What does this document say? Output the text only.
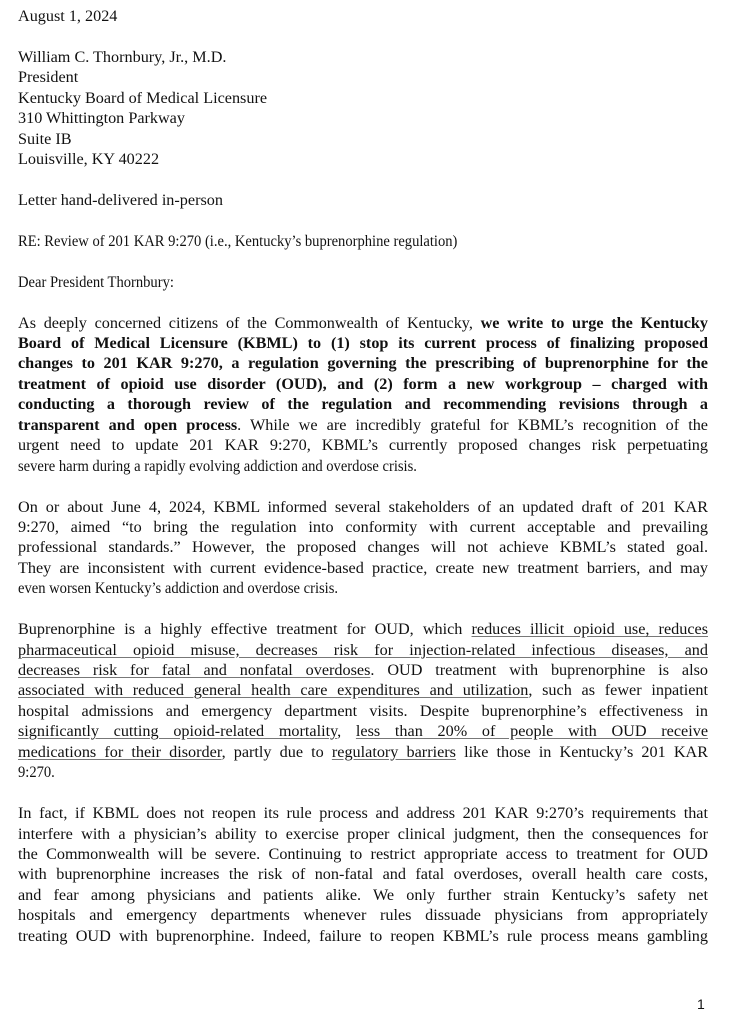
August 1, 2024
William C. Thornbury, Jr., M.D.
President
Kentucky Board of Medical Licensure
310 Whittington Parkway
Suite IB
Louisville, KY 40222
Letter hand-delivered in-person
RE: Review of 201 KAR 9:270 (i.e., Kentucky’s buprenorphine regulation)
Dear President Thornbury:
As deeply concerned citizens of the Commonwealth of Kentucky, we write to urge the Kentucky
Board of Medical Licensure (KBML) to (1) stop its current process of finalizing proposed
changes to 201 KAR 9:270, a regulation governing the prescribing of buprenorphine for the
treatment of opioid use disorder (OUD), and (2) form a new workgroup – charged with
conducting a thorough review of the regulation and recommending revisions through a
transparent and open process. While we are incredibly grateful for KBML’s recognition of the
urgent need to update 201 KAR 9:270, KBML’s currently proposed changes risk perpetuating
severe harm during a rapidly evolving addiction and overdose crisis.
On or about June 4, 2024, KBML informed several stakeholders of an updated draft of 201 KAR
9:270, aimed “to bring the regulation into conformity with current acceptable and prevailing
professional standards.” However, the proposed changes will not achieve KBML’s stated goal.
They are inconsistent with current evidence-based practice, create new treatment barriers, and may
even worsen Kentucky’s addiction and overdose crisis.
Buprenorphine is a highly effective treatment for OUD, which reduces illicit opioid use, reduces
pharmaceutical opioid misuse, decreases risk for injection-related infectious diseases, and
decreases risk for fatal and nonfatal overdoses. OUD treatment with buprenorphine is also
associated with reduced general health care expenditures and utilization, such as fewer inpatient
hospital admissions and emergency department visits. Despite buprenorphine’s effectiveness in
significantly cutting opioid-related mortality, less than 20% of people with OUD receive
medications for their disorder, partly due to regulatory barriers like those in Kentucky’s 201 KAR
9:270.
In fact, if KBML does not reopen its rule process and address 201 KAR 9:270’s requirements that
interfere with a physician’s ability to exercise proper clinical judgment, then the consequences for
the Commonwealth will be severe. Continuing to restrict appropriate access to treatment for OUD
with buprenorphine increases the risk of non-fatal and fatal overdoses, overall health care costs,
and fear among physicians and patients alike. We only further strain Kentucky’s safety net
hospitals and emergency departments whenever rules dissuade physicians from appropriately
treating OUD with buprenorphine. Indeed, failure to reopen KBML’s rule process means gambling
1
